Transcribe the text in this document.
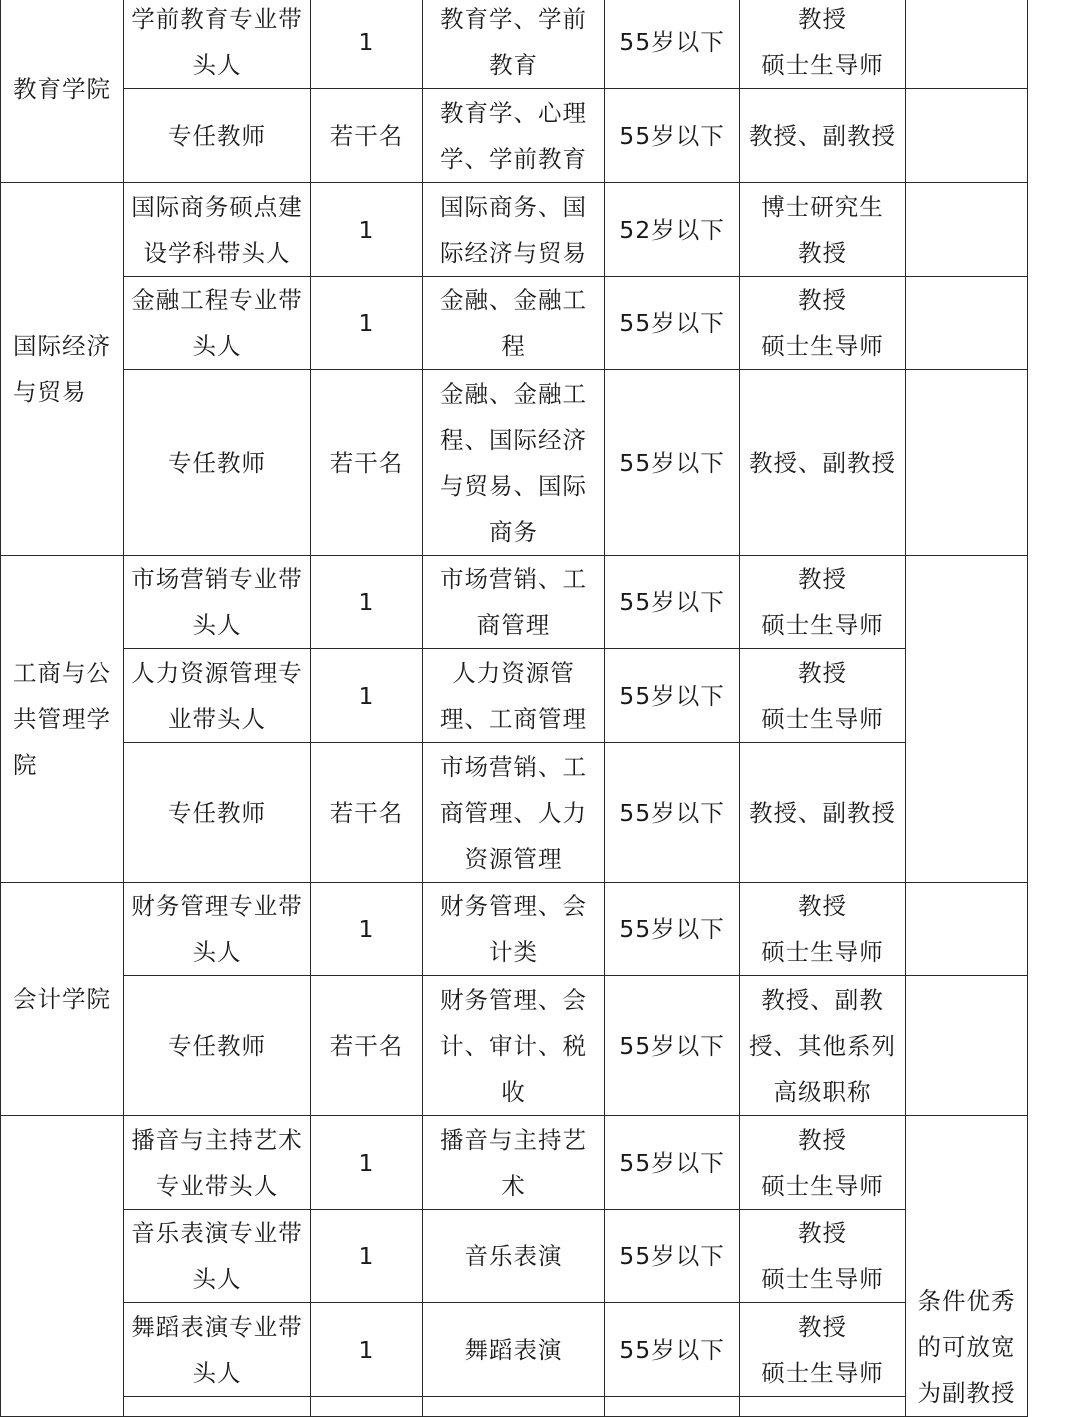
教育学院	学前教育专业带
头人	1	教育学、学前
教育	55岁以下	教授
硕士生导师	

	专任教师	若干名	教育学、心理
学、学前教育	55岁以下	教授、副教授	

国际经济
与贸易	国际商务硕点建
设学科带头人	1	国际商务、国
际经济与贸易	52岁以下	博士研究生
教授	

	金融工程专业带
头人	1	金融、金融工
程	55岁以下	教授
硕士生导师	

	专任教师	若干名	金融、金融工
程、国际经济
与贸易、国际
商务	55岁以下	教授、副教授	

工商与公
共管理学
院	市场营销专业带
头人	1	市场营销、工
商管理	55岁以下	教授
硕士生导师	

	人力资源管理专
业带头人	1	人力资源管
理、工商管理	55岁以下	教授
硕士生导师	

	专任教师	若干名	市场营销、工
商管理、人力
资源管理	55岁以下	教授、副教授	

会计学院	财务管理专业带
头人	1	财务管理、会
计类	55岁以下	教授
硕士生导师	

	专任教师	若干名	财务管理、会
计、审计、税
收	55岁以下	教授、副教
授、其他系列
高级职称	

	播音与主持艺术
专业带头人	1	播音与主持艺
术	55岁以下	教授
硕士生导师	条件优秀
的可放宽
为副教授

	音乐表演专业带
头人	1	音乐表演	55岁以下	教授
硕士生导师	

	舞蹈表演专业带
头人	1	舞蹈表演	55岁以下	教授
硕士生导师	
